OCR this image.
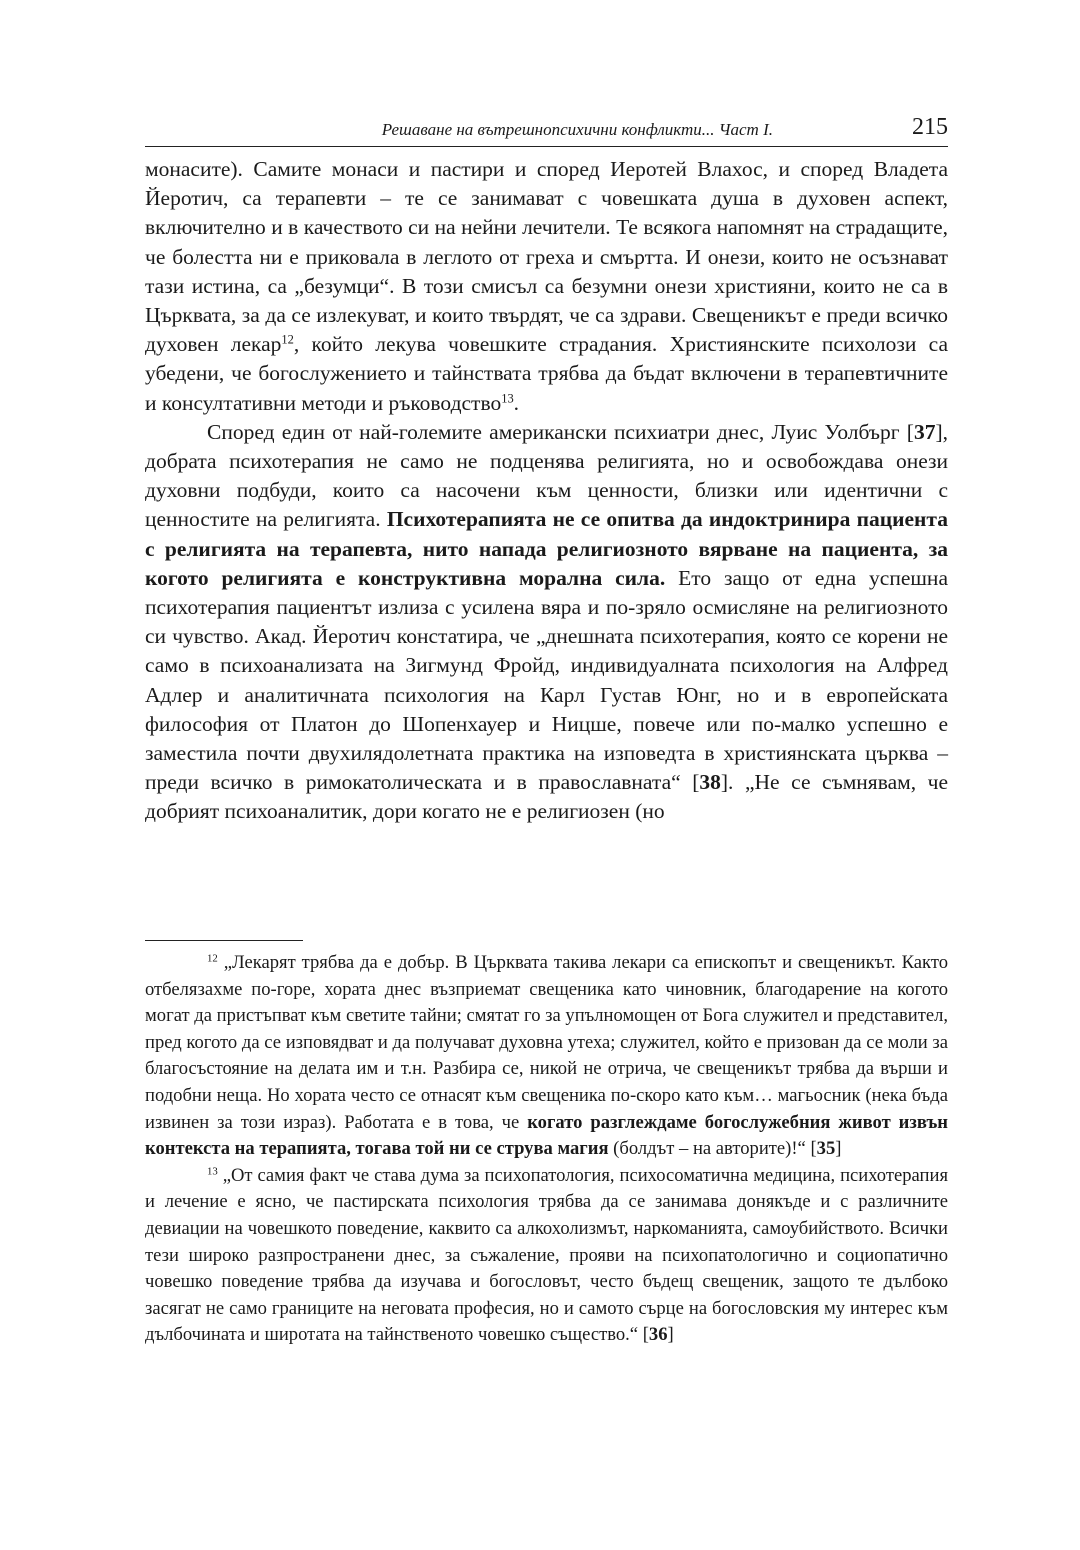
Решаване на вътрешнопсихични конфликти... Част I.	215

монасите). Самите монаси и пастири и според Иеротей Влахос, и според Владета Йеротич, са терапевти – те се занимават с човешката душа в духовен аспект, включително и в качеството си на нейни лечители. Те всякога напомнят на страдащите, че болестта ни е приковала в леглото от греха и смъртта. И онези, които не осъзнават тази истина, са „безумци“. В този смисъл са безумни онези християни, които не са в Църквата, за да се излекуват, и които твърдят, че са здрави. Свещеникът е преди всичко духовен лекар$^{12}$, който лекува човешките страдания. Християнските психолози са убедени, че богослужението и тайнствата трябва да бъдат включени в терапевтичните и консултативни методи и ръководство$^{13}$.

Според един от най-големите американски психиатри днес, Луис Уолбърг [37], добрата психотерапия не само не подценява религията, но и освобождава онези духовни подбуди, които са насочени към ценности, близки или идентични с ценностите на религията. Психотерапията не се опитва да индоктринира пациента с религията на терапевта, нито напада религиозното вярване на пациента, за когото религията е конструктивна морална сила. Ето защо от една успешна психотерапия пациентът излиза с усилена вяра и по-зряло осмисляне на религиозното си чувство. Акад. Йеротич констатира, че „днешната психотерапия, която се корени не само в психоанализата на Зигмунд Фройд, индивидуалната психология на Алфред Адлер и аналитичната психология на Карл Густав Юнг, но и в европейската философия от Платон до Шопенхауер и Ницше, повече или по-малко успешно е заместила почти двухилядолетната практика на изповедта в християнската църква – преди всичко в римокатолическата и в православната“ [38]. „Не се съмнявам, че добрият психоаналитик, дори когато не е религиозен (но

$^{12}$ „Лекарят трябва да е добър. В Църквата такива лекари са епископът и свещеникът. Както отбелязахме по-горе, хората днес възприемат свещеника като чиновник, благодарение на когото могат да пристъпват към светите тайни; смятат го за упълномощен от Бога служител и представител, пред когото да се изповядват и да получават духовна утеха; служител, който е призован да се моли за благосъстояние на делата им и т.н. Разбира се, никой не отрича, че свещеникът трябва да върши и подобни неща. Но хората често се отнасят към свещеника по-скоро като към… магьосник (нека бъда извинен за този израз). Работата е в това, че когато разглеждаме богослужебния живот извън контекста на терапията, тогава той ни се струва магия (болдът – на авторите)!“ [35]

$^{13}$ „От самия факт че става дума за психопатология, психосоматична медицина, психотерапия и лечение е ясно, че пастирската психология трябва да се занимава донякъде и с различните девиации на човешкото поведение, каквито са алкохолизмът, наркоманията, самоубийството. Всички тези широко разпространени днес, за съжаление, прояви на психопатологично и социопатично човешко поведение трябва да изучава и богословът, често бъдещ свещеник, защото те дълбоко засягат не само границите на неговата професия, но и самото сърце на богословския му интерес към дълбочината и широтата на тайнственото човешко същество.“ [36]
